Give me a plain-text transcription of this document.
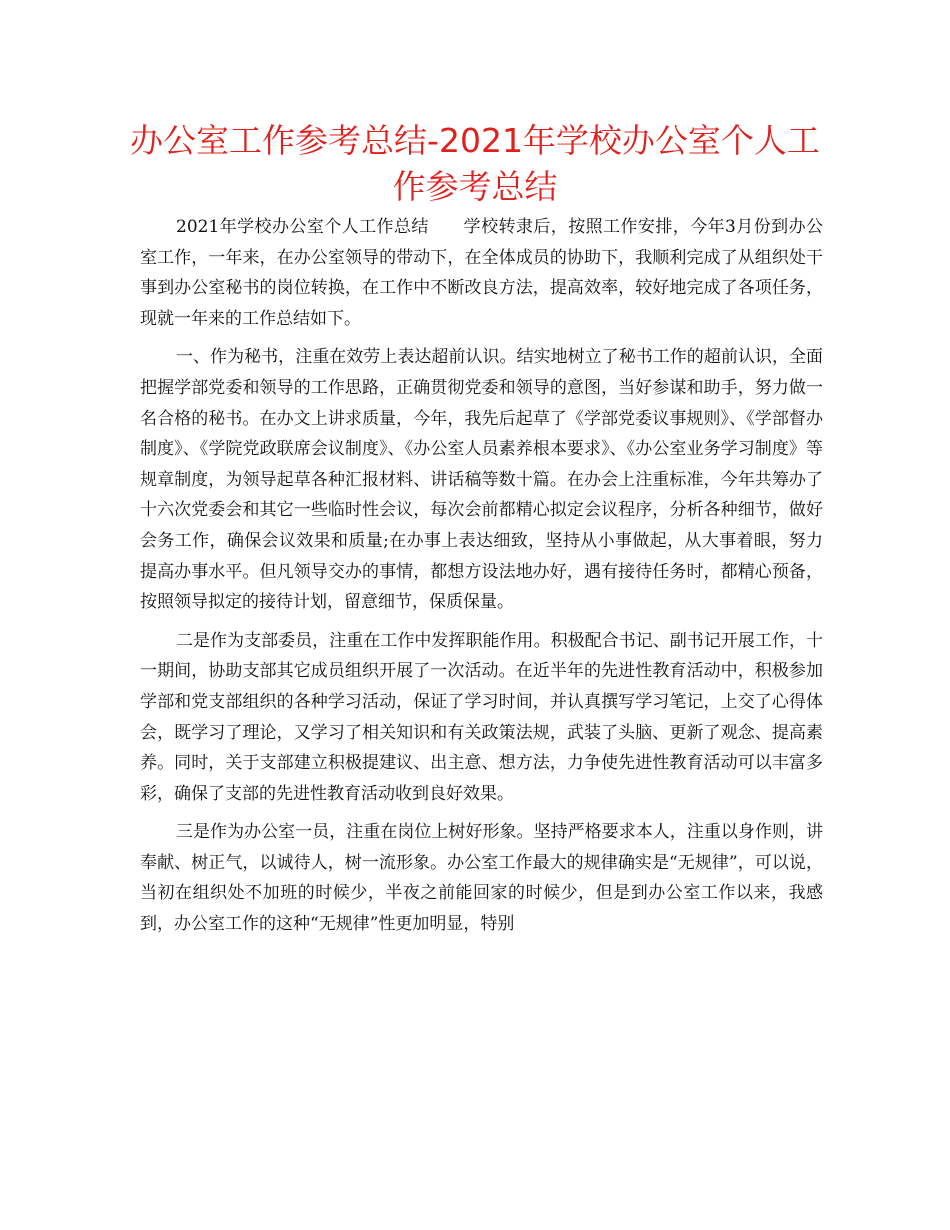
办公室工作参考总结-2021年学校办公室个人工作参考总结

2021年学校办公室个人工作总结　　学校转隶后，按照工作安排，今年3月份到办公室工作，一年来，在办公室领导的带动下，在全体成员的协助下，我顺利完成了从组织处干事到办公室秘书的岗位转换，在工作中不断改良方法，提高效率，较好地完成了各项任务，现就一年来的工作总结如下。

一、作为秘书，注重在效劳上表达超前认识。结实地树立了秘书工作的超前认识，全面把握学部党委和领导的工作思路，正确贯彻党委和领导的意图，当好参谋和助手，努力做一名合格的秘书。在办文上讲求质量，今年，我先后起草了《学部党委议事规则》、《学部督办制度》、《学院党政联席会议制度》、《办公室人员素养根本要求》、《办公室业务学习制度》等规章制度，为领导起草各种汇报材料、讲话稿等数十篇。在办会上注重标准，今年共筹办了十六次党委会和其它一些临时性会议，每次会前都精心拟定会议程序，分析各种细节，做好会务工作，确保会议效果和质量;在办事上表达细致，坚持从小事做起，从大事着眼，努力提高办事水平。但凡领导交办的事情，都想方设法地办好，遇有接待任务时，都精心预备，按照领导拟定的接待计划，留意细节，保质保量。

二是作为支部委员，注重在工作中发挥职能作用。积极配合书记、副书记开展工作，十一期间，协助支部其它成员组织开展了一次活动。在近半年的先进性教育活动中，积极参加学部和党支部组织的各种学习活动，保证了学习时间，并认真撰写学习笔记，上交了心得体会，既学习了理论，又学习了相关知识和有关政策法规，武装了头脑、更新了观念、提高素养。同时，关于支部建立积极提建议、出主意、想方法，力争使先进性教育活动可以丰富多彩，确保了支部的先进性教育活动收到良好效果。

三是作为办公室一员，注重在岗位上树好形象。坚持严格要求本人，注重以身作则，讲奉献、树正气，以诚待人，树一流形象。办公室工作最大的规律确实是“无规律”，可以说，当初在组织处不加班的时候少，半夜之前能回家的时候少，但是到办公室工作以来，我感到，办公室工作的这种“无规律”性更加明显，特别
